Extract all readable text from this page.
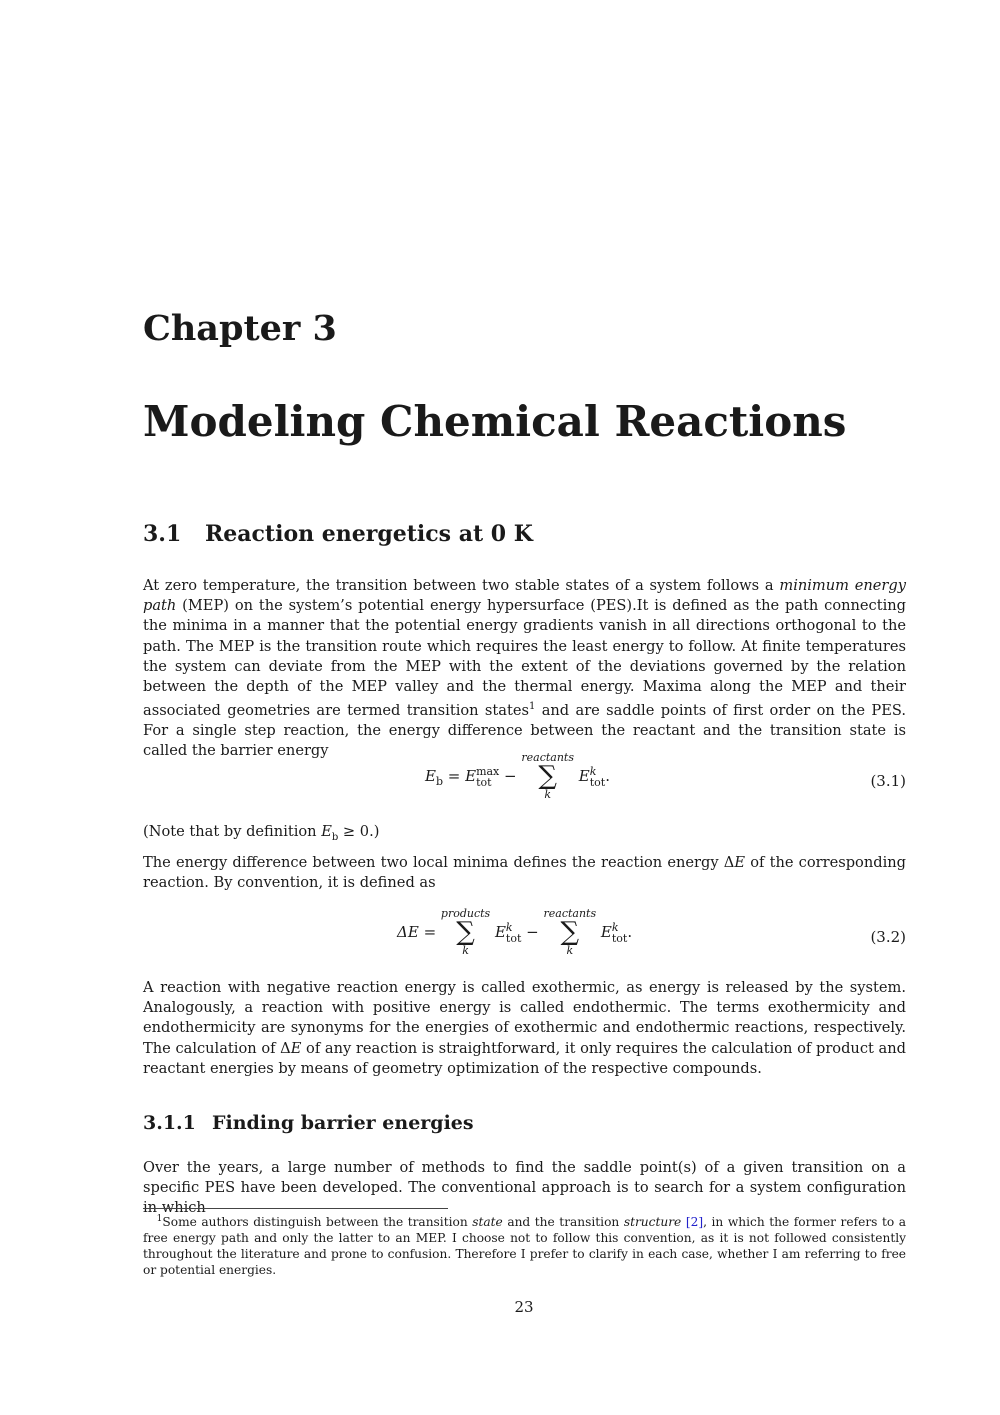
Chapter 3
Modeling Chemical Reactions
3.1 Reaction energetics at 0 K

At zero temperature, the transition between two stable states of a system follows a minimum energy path (MEP) on the system’s potential energy hypersurface (PES).It is defined as the path connecting the minima in a manner that the potential energy gradients vanish in all directions orthogonal to the path. The MEP is the transition route which requires the least energy to follow. At finite temperatures the system can deviate from the MEP with the extent of the deviations governed by the relation between the depth of the MEP valley and the thermal energy. Maxima along the MEP and their associated geometries are termed transition states$^1$ and are saddle points of first order on the PES. For a single step reaction, the energy difference between the reactant and the transition state is called the barrier energy

$E_b = E$ max
tot −
reactants
∑
k
E k
tot .	(3.1)

(Note that by definition $E_b \ge 0$.)

The energy difference between two local minima defines the reaction energy ΔE of the corresponding reaction. By convention, it is defined as

ΔE =
products
∑
k
E k
tot −
reactants
∑
k
E k
tot .	(3.2)

A reaction with negative reaction energy is called exothermic, as energy is released by the system. Analogously, a reaction with positive energy is called endothermic. The terms exothermicity and endothermicity are synonyms for the energies of exothermic and endothermic reactions, respectively. The calculation of ΔE of any reaction is straightforward, it only requires the calculation of product and reactant energies by means of geometry optimization of the respective compounds.

3.1.1 Finding barrier energies

Over the years, a large number of methods to find the saddle point(s) of a given transition on a specific PES have been developed. The conventional approach is to search for a system configuration in which

$^1$Some authors distinguish between the transition state and the transition structure [2], in which the former refers to a free energy path and only the latter to an MEP. I choose not to follow this convention, as it is not followed consistently throughout the literature and prone to confusion. Therefore I prefer to clarify in each case, whether I am referring to free or potential energies.

23
